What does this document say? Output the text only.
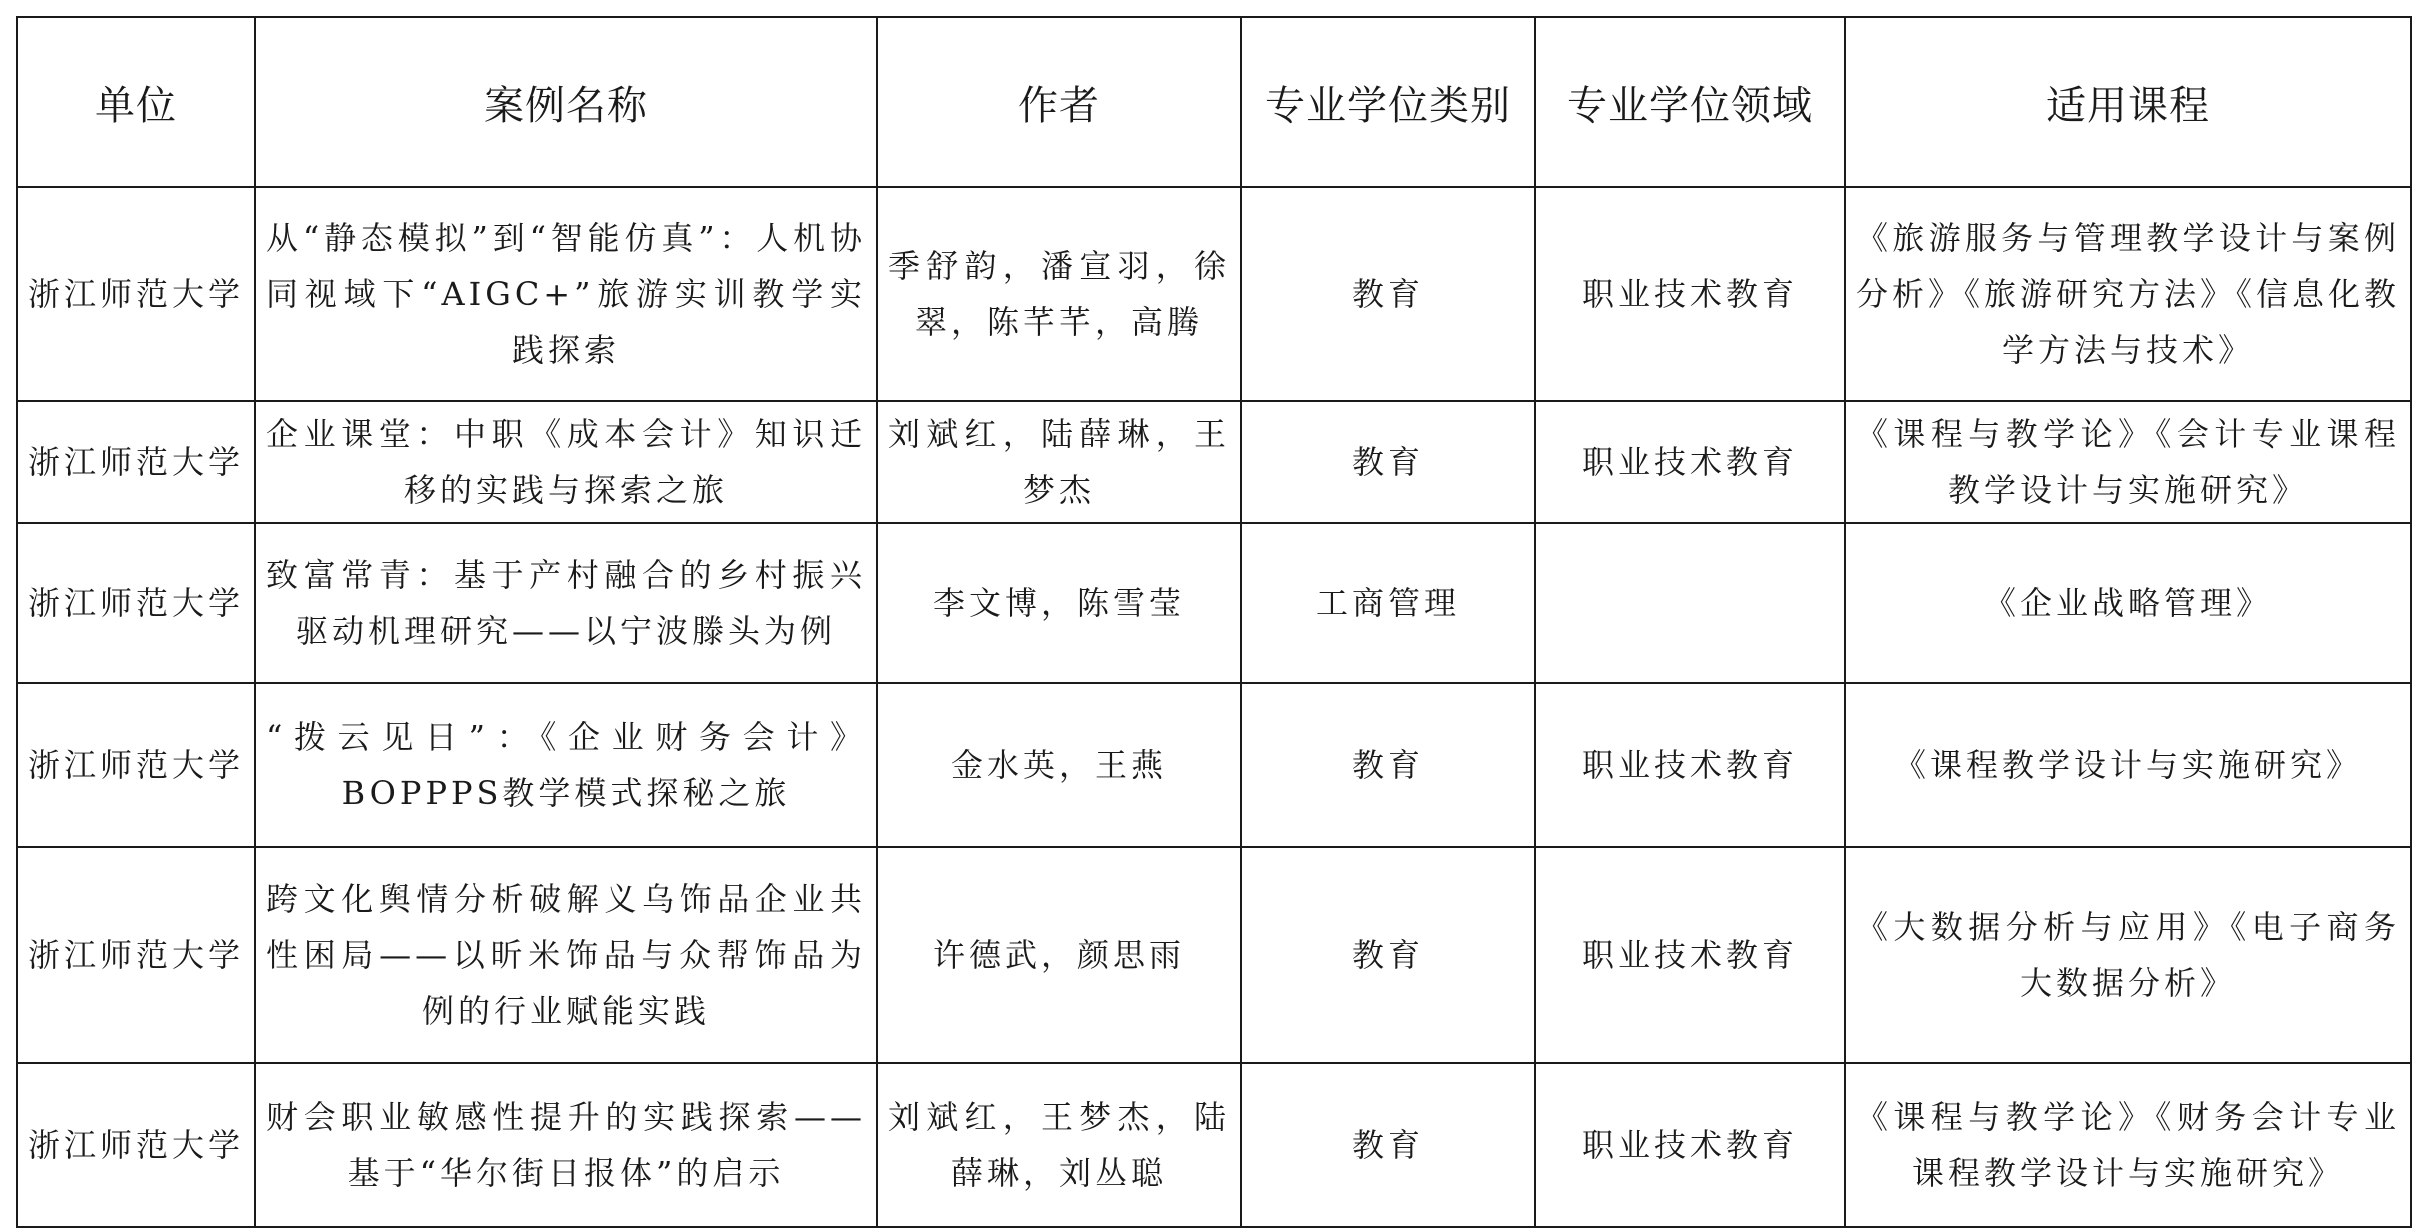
单位	案例名称	作者	专业学位类别	专业学位领域	适用课程
浙江师范大学	从“静态模拟”到“智能仿真”：人机协同视域下“AIGC+”旅游实训教学实践探索	季舒韵，潘宣羽，徐翠，陈芊芊，高腾	教育	职业技术教育	《旅游服务与管理教学设计与案例分析》《旅游研究方法》《信息化教学方法与技术》
浙江师范大学	企业课堂：中职《成本会计》知识迁移的实践与探索之旅	刘斌红，陆薛琳，王梦杰	教育	职业技术教育	《课程与教学论》《会计专业课程教学设计与实施研究》
浙江师范大学	致富常青：基于产村融合的乡村振兴驱动机理研究——以宁波滕头为例	李文博，陈雪莹	工商管理		《企业战略管理》
浙江师范大学	“拨云见日”：《企业财务会计》BOPPPS教学模式探秘之旅	金水英，王燕	教育	职业技术教育	《课程教学设计与实施研究》
浙江师范大学	跨文化舆情分析破解义乌饰品企业共性困局——以昕米饰品与众帮饰品为例的行业赋能实践	许德武，颜思雨	教育	职业技术教育	《大数据分析与应用》《电子商务大数据分析》
浙江师范大学	财会职业敏感性提升的实践探索——基于“华尔街日报体”的启示	刘斌红，王梦杰，陆薛琳，刘丛聪	教育	职业技术教育	《课程与教学论》《财务会计专业课程教学设计与实施研究》
